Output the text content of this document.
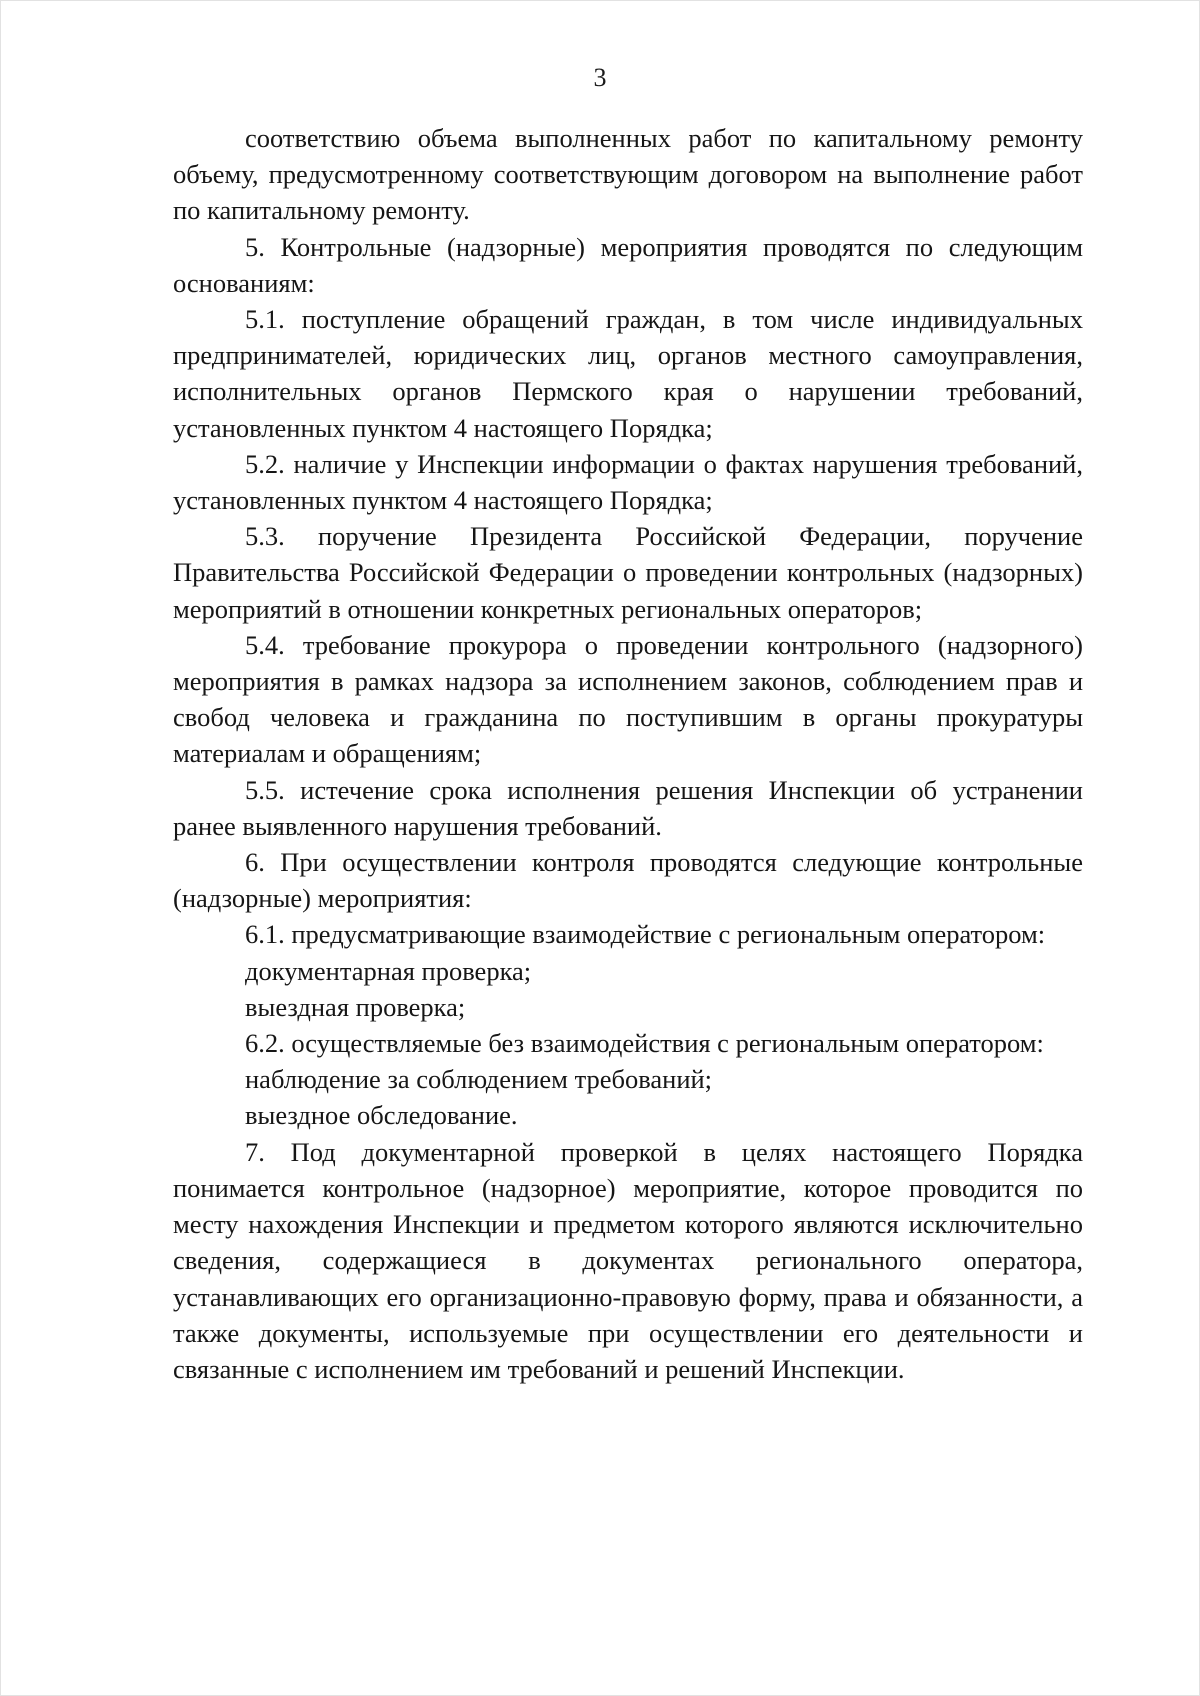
3

соответствию объема выполненных работ по капитальному ремонту объему, предусмотренному соответствующим договором на выполнение работ по капитальному ремонту.

5. Контрольные (надзорные) мероприятия проводятся по следующим основаниям:

5.1. поступление обращений граждан, в том числе индивидуальных предпринимателей, юридических лиц, органов местного самоуправления, исполнительных органов Пермского края о нарушении требований, установленных пунктом 4 настоящего Порядка;

5.2. наличие у Инспекции информации о фактах нарушения требований, установленных пунктом 4 настоящего Порядка;

5.3. поручение Президента Российской Федерации, поручение Правительства Российской Федерации о проведении контрольных (надзорных) мероприятий в отношении конкретных региональных операторов;

5.4. требование прокурора о проведении контрольного (надзорного) мероприятия в рамках надзора за исполнением законов, соблюдением прав и свобод человека и гражданина по поступившим в органы прокуратуры материалам и обращениям;

5.5. истечение срока исполнения решения Инспекции об устранении ранее выявленного нарушения требований.

6. При осуществлении контроля проводятся следующие контрольные (надзорные) мероприятия:

6.1. предусматривающие взаимодействие с региональным оператором:

документарная проверка;

выездная проверка;

6.2. осуществляемые без взаимодействия с региональным оператором:

наблюдение за соблюдением требований;

выездное обследование.

7. Под документарной проверкой в целях настоящего Порядка понимается контрольное (надзорное) мероприятие, которое проводится по месту нахождения Инспекции и предметом которого являются исключительно сведения, содержащиеся в документах регионального оператора, устанавливающих его организационно-правовую форму, права и обязанности, а также документы, используемые при осуществлении его деятельности и связанные с исполнением им требований и решений Инспекции.
